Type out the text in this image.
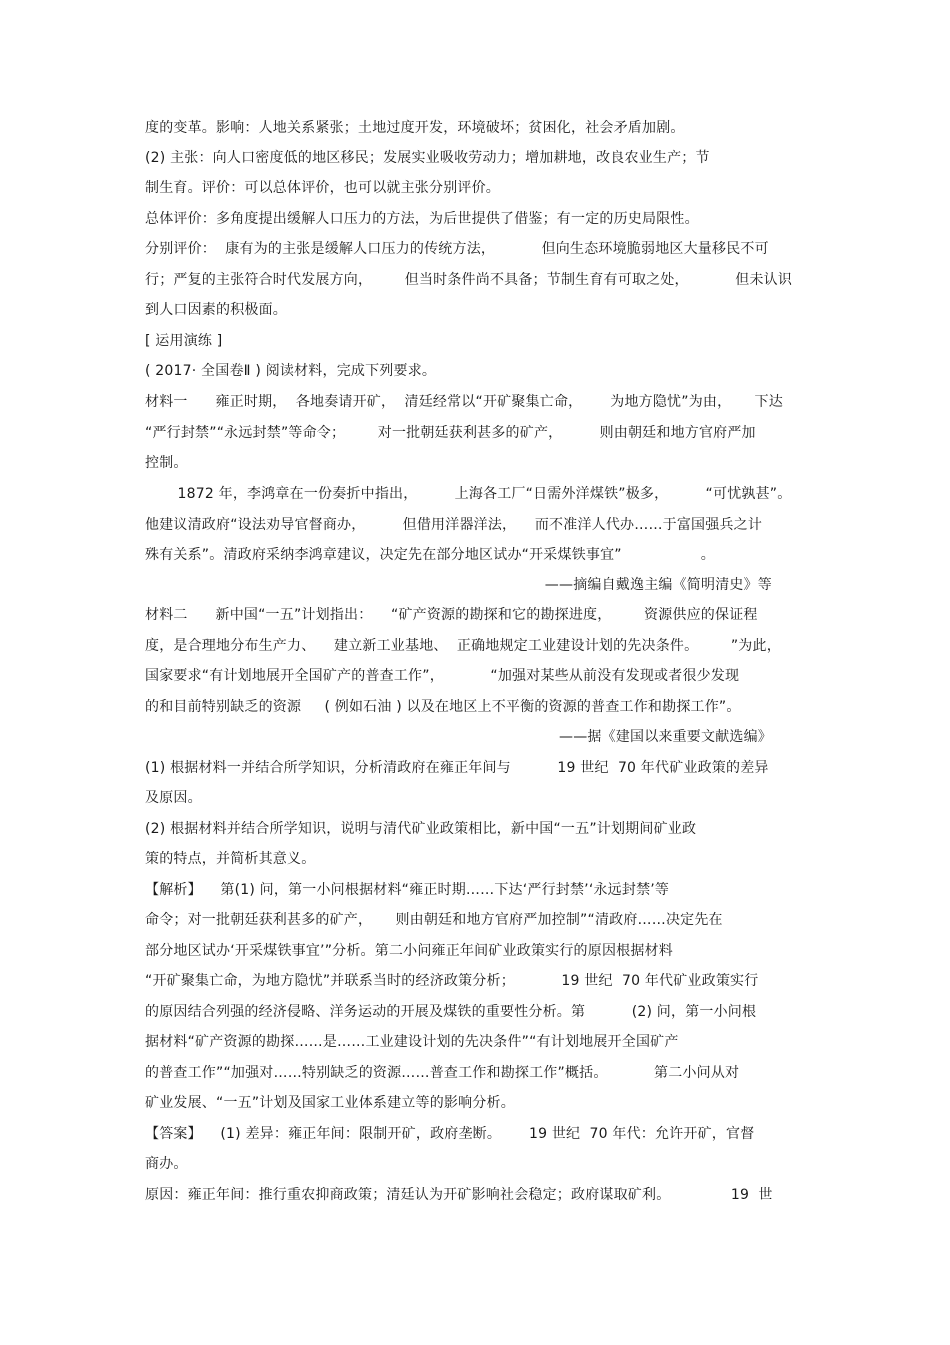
度的变革。影响：人地关系紧张；土地过度开发，环境破坏；贫困化，社会矛盾加剧。
(2) 主张：向人口密度低的地区移民；发展实业吸收劳动力；增加耕地，改良农业生产；节
制生育。评价：可以总体评价，也可以就主张分别评价。
总体评价：多角度提出缓解人口压力的方法，为后世提供了借鉴；有一定的历史局限性。
分别评价：  康有为的主张是缓解人口压力的传统方法，          但向生态环境脆弱地区大量移民不可
行；严复的主张符合时代发展方向，       但当时条件尚不具备；节制生育有可取之处，          但未认识
到人口因素的积极面。
[ 运用演练 ]
( 2017· 全国卷Ⅱ ) 阅读材料，完成下列要求。
材料一      雍正时期，  各地奏请开矿，  清廷经常以“开矿聚集亡命，      为地方隐忧”为由，     下达
“严行封禁”“永远封禁”等命令；       对一批朝廷获利甚多的矿产，        则由朝廷和地方官府严加
控制。
1872 年，李鸿章在一份奏折中指出，        上海各工厂“日需外洋煤铁”极多，        “可忧孰甚”。
他建议清政府“设法劝导官督商办，        但借用洋器洋法，    而不准洋人代办……于富国强兵之计
殊有关系”。清政府采纳李鸿章建议，决定先在部分地区试办“开采煤铁事宜”                 。
——摘编自戴逸主编《简明清史》等
材料二      新中国“一五”计划指出：    “矿产资源的勘探和它的勘探进度，       资源供应的保证程
度，是合理地分布生产力、    建立新工业基地、  正确地规定工业建设计划的先决条件。       ”为此，
国家要求“有计划地展开全国矿产的普查工作”，          “加强对某些从前没有发现或者很少发现
的和目前特别缺乏的资源     ( 例如石油 ) 以及在地区上不平衡的资源的普查工作和勘探工作”。
——据《建国以来重要文献选编》
(1) 根据材料一并结合所学知识，分析清政府在雍正年间与          19 世纪  70 年代矿业政策的差异
及原因。
(2) 根据材料并结合所学知识，说明与清代矿业政策相比，新中国“一五”计划期间矿业政
策的特点，并简析其意义。
【解析】    第(1) 问，第一小问根据材料“雍正时期……下达‘严行封禁’‘永远封禁’等
命令；对一批朝廷获利甚多的矿产，     则由朝廷和地方官府严加控制”“清政府……决定先在
部分地区试办‘开采煤铁事宜’”分析。第二小问雍正年间矿业政策实行的原因根据材料
“开矿聚集亡命，为地方隐忧”并联系当时的经济政策分析；          19 世纪  70 年代矿业政策实行
的原因结合列强的经济侵略、洋务运动的开展及煤铁的重要性分析。第          (2) 问，第一小问根
据材料“矿产资源的勘探……是……工业建设计划的先决条件”“有计划地展开全国矿产
的普查工作”“加强对……特别缺乏的资源……普查工作和勘探工作”概括。          第二小问从对
矿业发展、“一五”计划及国家工业体系建立等的影响分析。
【答案】    (1) 差异：雍正年间：限制开矿，政府垄断。      19 世纪  70 年代：允许开矿，官督
商办。
原因：雍正年间：推行重农抑商政策；清廷认为开矿影响社会稳定；政府谋取矿利。             19  世
